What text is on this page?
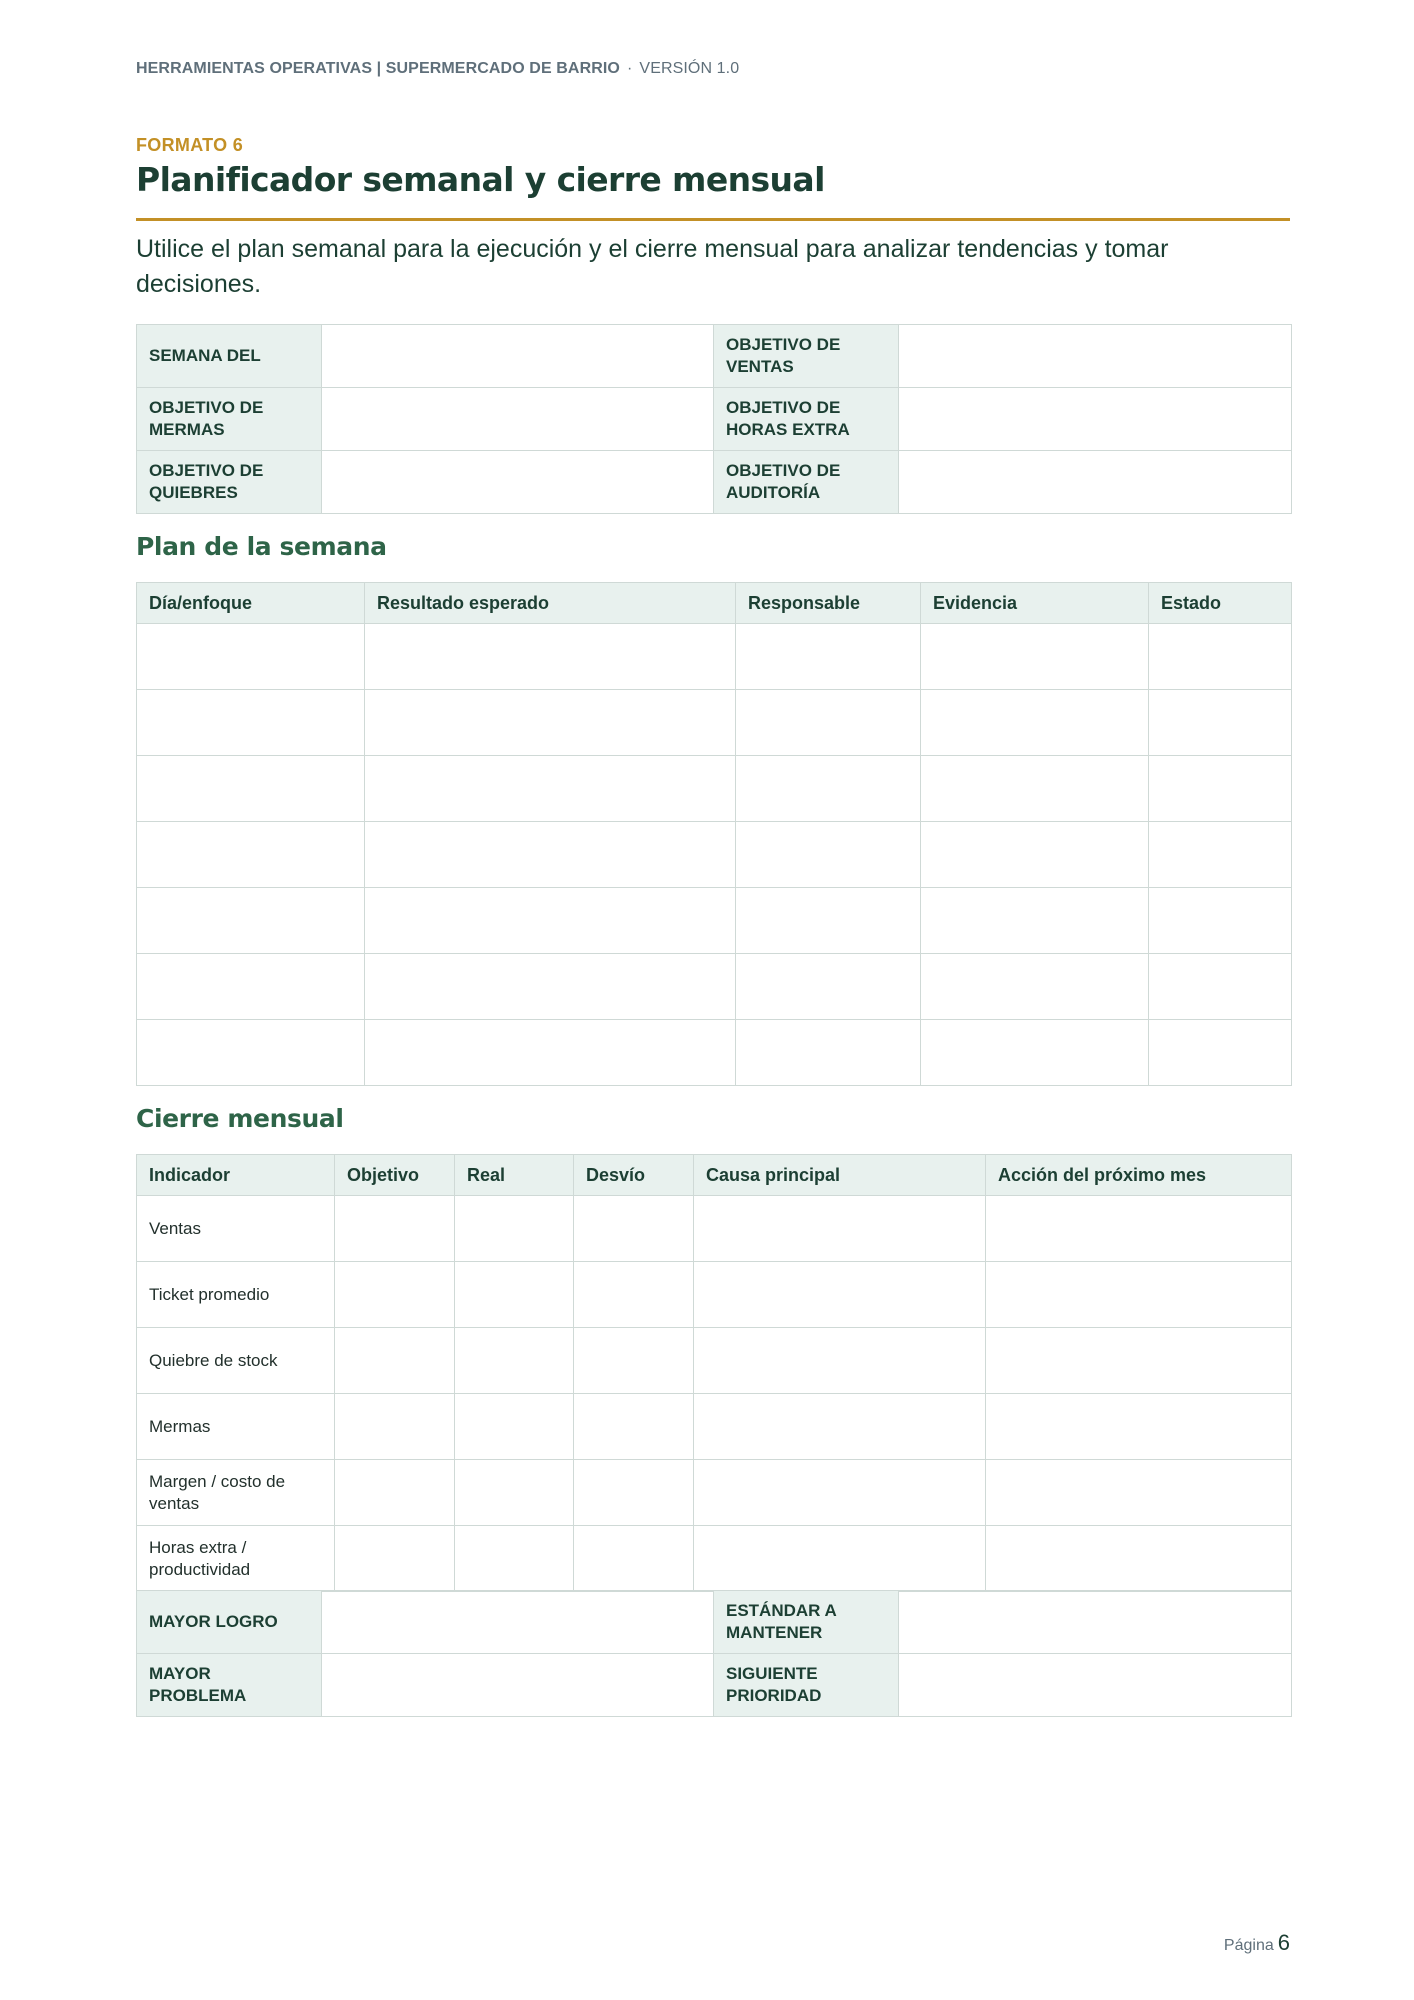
HERRAMIENTAS OPERATIVAS | SUPERMERCADO DE BARRIO · VERSIÓN 1.0
FORMATO 6
Planificador semanal y cierre mensual

Utilice el plan semanal para la ejecución y el cierre mensual para analizar tendencias y tomar decisiones.

SEMANA DEL		OBJETIVO DE VENTAS	
OBJETIVO DE MERMAS		OBJETIVO DE HORAS EXTRA	
OBJETIVO DE QUIEBRES		OBJETIVO DE AUDITORÍA	
Plan de la semana
Día/enfoque	Resultado esperado	Responsable	Evidencia	Estado

Cierre mensual
Indicador	Objetivo	Real	Desvío	Causa principal	Acción del próximo mes
Ventas					
Ticket promedio					
Quiebre de stock					
Mermas					
Margen / costo de ventas					
Horas extra / productividad					
MAYOR LOGRO		ESTÁNDAR A MANTENER	
MAYOR PROBLEMA		SIGUIENTE PRIORIDAD	
Página 6
